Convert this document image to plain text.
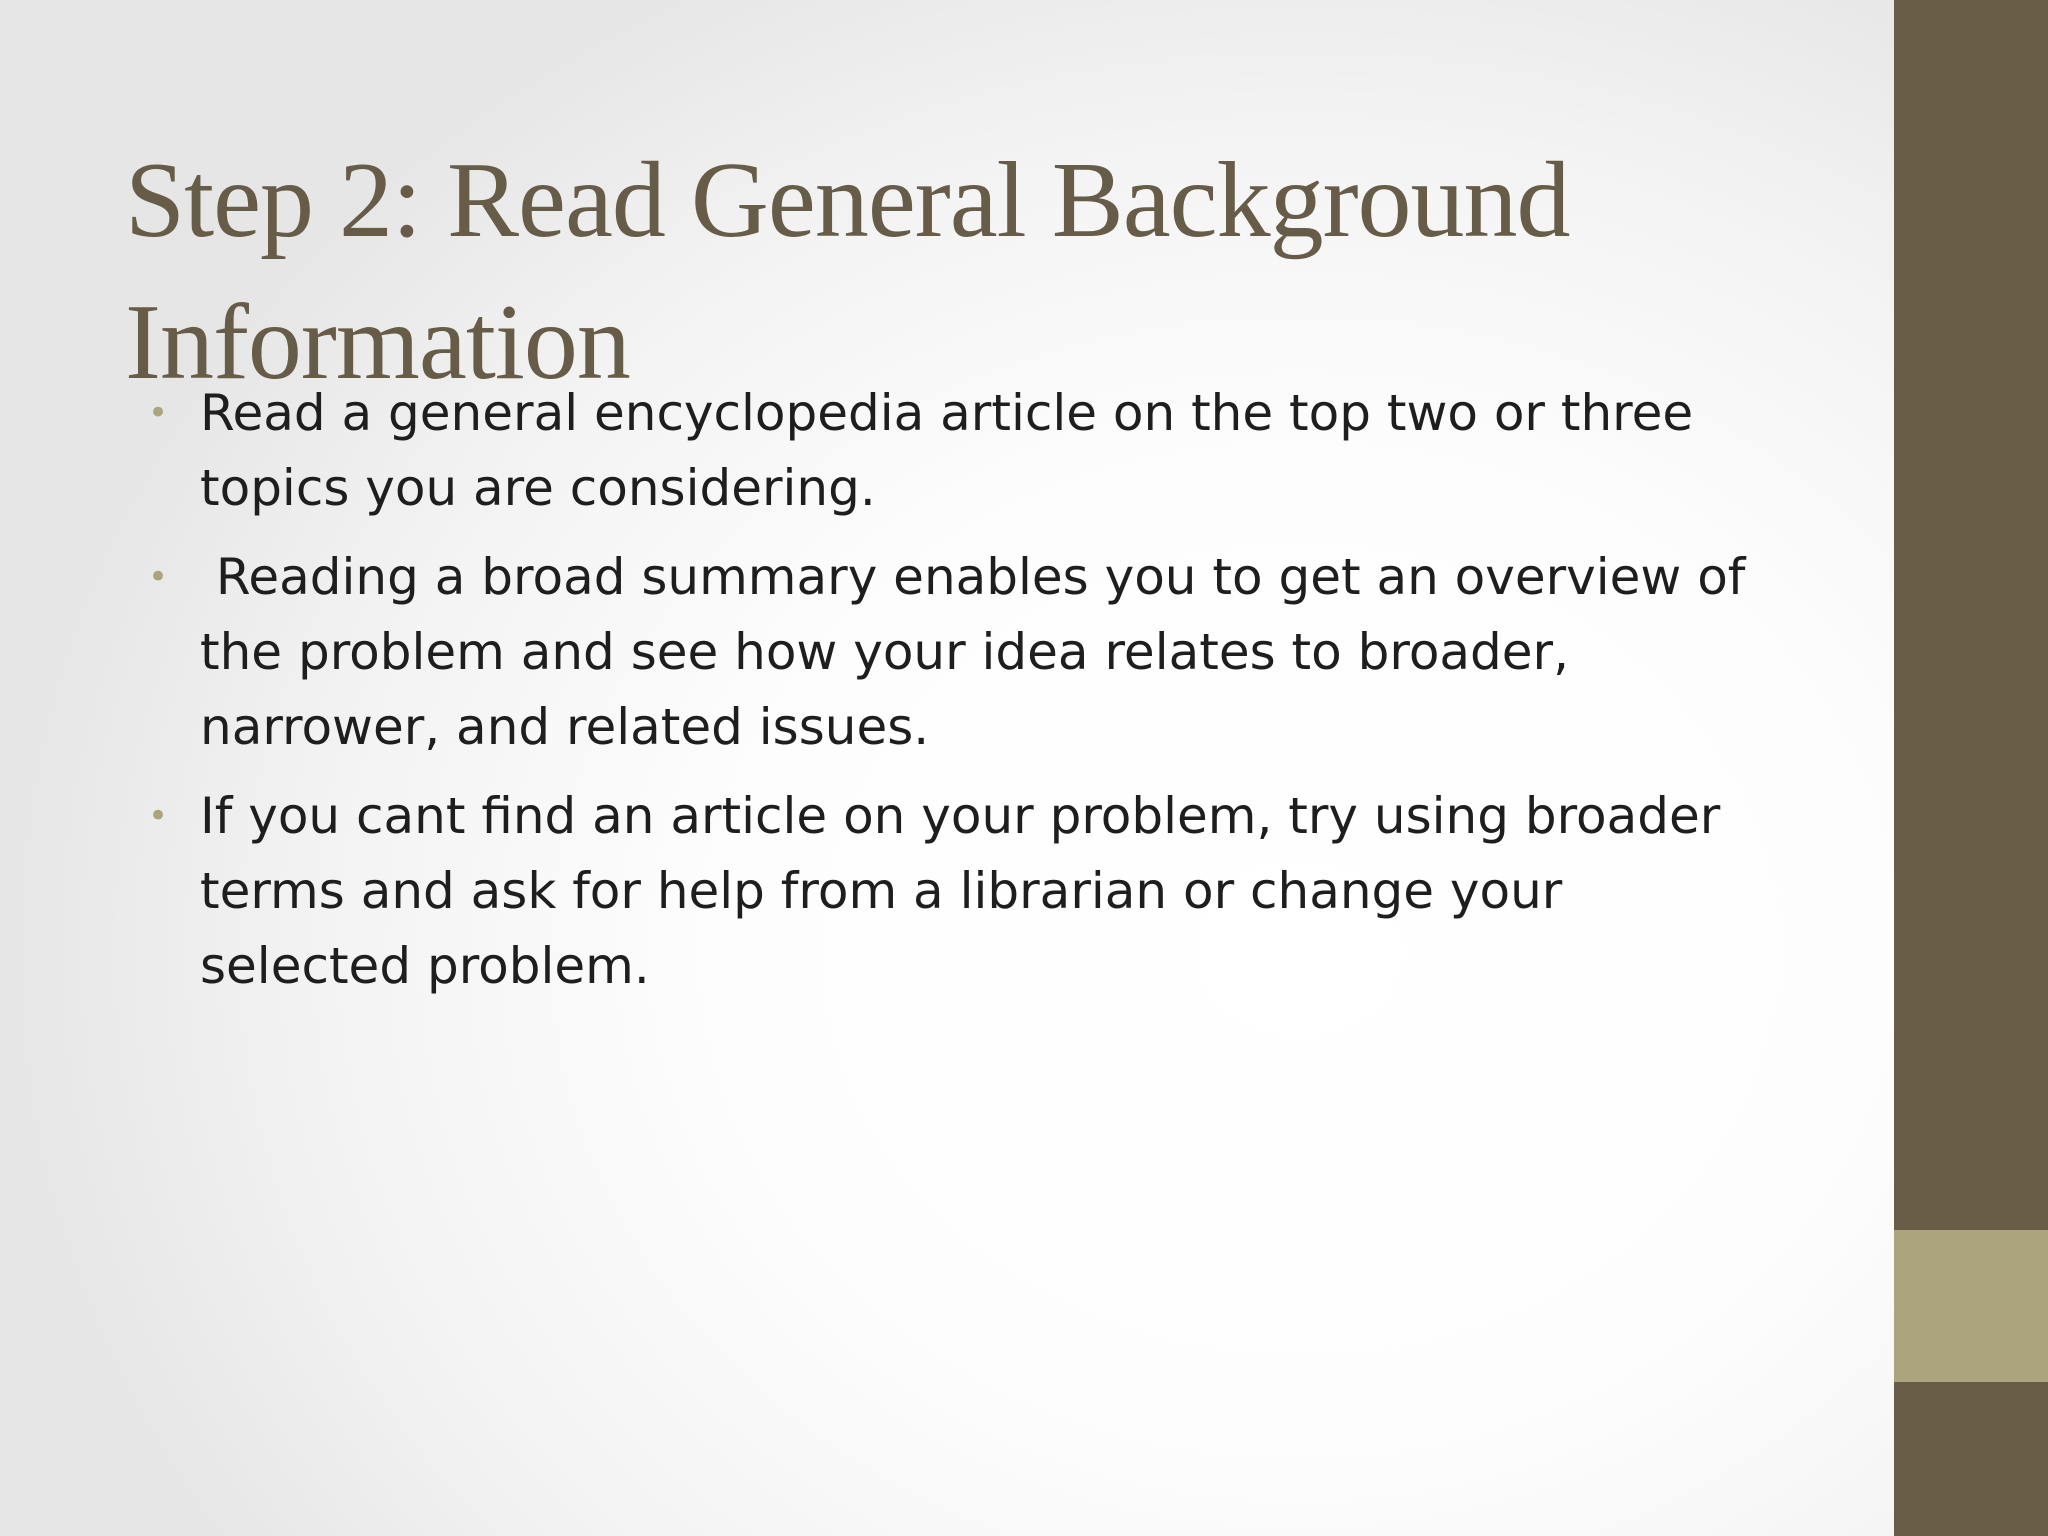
Step 2: Read General Background Information
• Read a general encyclopedia article on the top two or three topics you are considering.
• Reading a broad summary enables you to get an overview of the problem and see how your idea relates to broader, narrower, and related issues.
• If you cant find an article on your problem, try using broader terms and ask for help from a librarian or change your selected problem.
